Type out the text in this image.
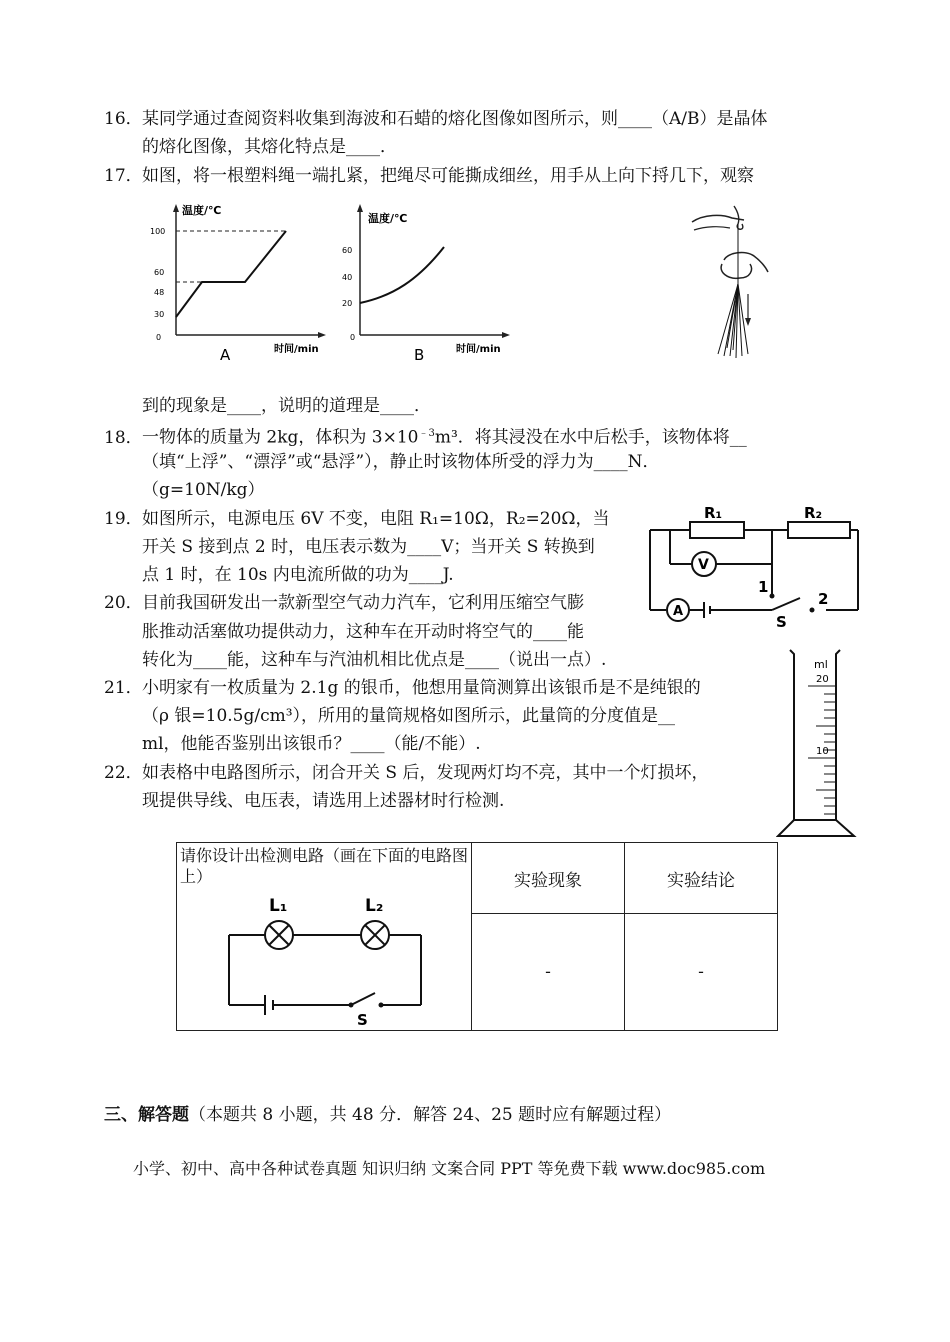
16．某同学通过查阅资料收集到海波和石蜡的熔化图像如图所示，则____（A/B）是晶体
的熔化图像，其熔化特点是____．
17．如图，将一根塑料绳一端扎紧，把绳尽可能撕成细丝，用手从上向下捋几下，观察
温度/℃
100
60
48
30
0
时间/min
A
温度/℃
60
40
20
0
时间/min
B
到的现象是____，说明的道理是____．
18．一物体的质量为 2kg，体积为 $3\times 10^{﹣3}m^3$．将其浸没在水中后松手，该物体将__
（填“上浮”、“漂浮”或“悬浮”），静止时该物体所受的浮力为____N．
（g=10N/kg）
19．如图所示，电源电压 6V 不变，电阻 R₁=10Ω，R₂=20Ω，当
开关 S 接到点 2 时，电压表示数为____V；当开关 S 转换到
点 1 时，在 10s 内电流所做的功为____J.
R₁	R₂
V
A
1
2
S
20．目前我国研发出一款新型空气动力汽车，它利用压缩空气膨
胀推动活塞做功提供动力，这种车在开动时将空气的____能
转化为____能，这种车与汽油机相比优点是____（说出一点）.	ml
20
10
21．小明家有一枚质量为 2.1g 的银币，他想用量筒测算出该银币是不是纯银的
（ρ 银=10.5g/cm³），所用的量筒规格如图所示，此量筒的分度值是__
ml，他能否鉴别出该银币？____（能/不能）.
22．如表格中电路图所示，闭合开关 S 后，发现两灯均不亮，其中一个灯损坏，
现提供导线、电压表，请选用上述器材时行检测.
请你设计出检测电路（画在下面的电路图上）
L₁ L₂
S	实验现象	实验结论
	-	-
三、解答题（本题共 8 小题，共 48 分．解答 24、25 题时应有解题过程）
小学、初中、高中各种试卷真题 知识归纳 文案合同 PPT 等免费下载 www.doc985.com
